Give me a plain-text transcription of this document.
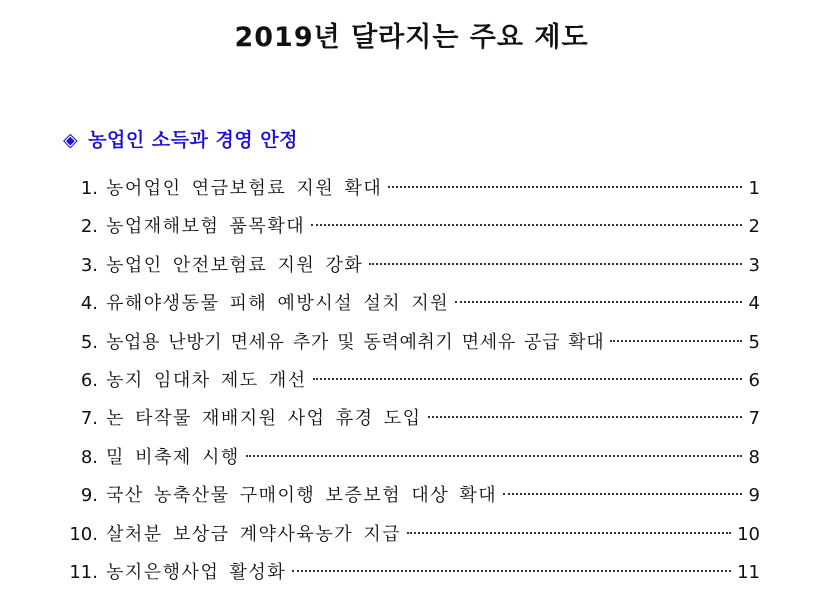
2019년 달라지는 주요 제도
◈ 농업인 소득과 경영 안정
1. 농어업인 연금보험료 지원 확대	1
2. 농업재해보험 품목확대	2
3. 농업인 안전보험료 지원 강화	3
4. 유해야생동물 피해 예방시설 설치 지원	4
5. 농업용 난방기 면세유 추가 및 동력예취기 면세유 공급 확대	5
6. 농지 임대차 제도 개선	6
7. 논 타작물 재배지원 사업 휴경 도입	7
8. 밀 비축제 시행	8
9. 국산 농축산물 구매이행 보증보험 대상 확대	9
10. 살처분 보상금 계약사육농가 지급	10
11. 농지은행사업 활성화	11
